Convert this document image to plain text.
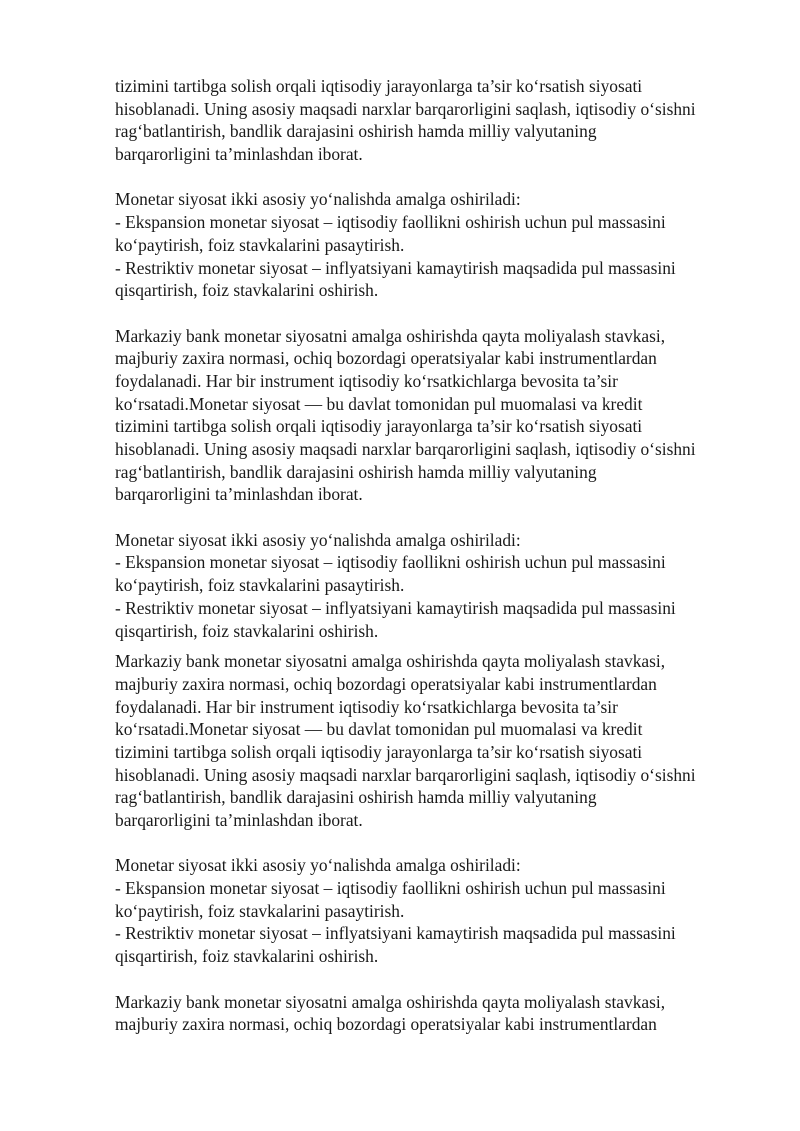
tizimini tartibga solish orqali iqtisodiy jarayonlarga ta’sir ko‘rsatish siyosati
hisoblanadi. Uning asosiy maqsadi narxlar barqarorligini saqlash, iqtisodiy o‘sishni
rag‘batlantirish, bandlik darajasini oshirish hamda milliy valyutaning
barqarorligini ta’minlashdan iborat.
Monetar siyosat ikki asosiy yo‘nalishda amalga oshiriladi:
- Ekspansion monetar siyosat – iqtisodiy faollikni oshirish uchun pul massasini
ko‘paytirish, foiz stavkalarini pasaytirish.
- Restriktiv monetar siyosat – inflyatsiyani kamaytirish maqsadida pul massasini
qisqartirish, foiz stavkalarini oshirish.
Markaziy bank monetar siyosatni amalga oshirishda qayta moliyalash stavkasi,
majburiy zaxira normasi, ochiq bozordagi operatsiyalar kabi instrumentlardan
foydalanadi. Har bir instrument iqtisodiy ko‘rsatkichlarga bevosita ta’sir
ko‘rsatadi.Monetar siyosat — bu davlat tomonidan pul muomalasi va kredit
tizimini tartibga solish orqali iqtisodiy jarayonlarga ta’sir ko‘rsatish siyosati
hisoblanadi. Uning asosiy maqsadi narxlar barqarorligini saqlash, iqtisodiy o‘sishni
rag‘batlantirish, bandlik darajasini oshirish hamda milliy valyutaning
barqarorligini ta’minlashdan iborat.
Monetar siyosat ikki asosiy yo‘nalishda amalga oshiriladi:
- Ekspansion monetar siyosat – iqtisodiy faollikni oshirish uchun pul massasini
ko‘paytirish, foiz stavkalarini pasaytirish.
- Restriktiv monetar siyosat – inflyatsiyani kamaytirish maqsadida pul massasini
qisqartirish, foiz stavkalarini oshirish.
Markaziy bank monetar siyosatni amalga oshirishda qayta moliyalash stavkasi,
majburiy zaxira normasi, ochiq bozordagi operatsiyalar kabi instrumentlardan
foydalanadi. Har bir instrument iqtisodiy ko‘rsatkichlarga bevosita ta’sir
ko‘rsatadi.Monetar siyosat — bu davlat tomonidan pul muomalasi va kredit
tizimini tartibga solish orqali iqtisodiy jarayonlarga ta’sir ko‘rsatish siyosati
hisoblanadi. Uning asosiy maqsadi narxlar barqarorligini saqlash, iqtisodiy o‘sishni
rag‘batlantirish, bandlik darajasini oshirish hamda milliy valyutaning
barqarorligini ta’minlashdan iborat.
Monetar siyosat ikki asosiy yo‘nalishda amalga oshiriladi:
- Ekspansion monetar siyosat – iqtisodiy faollikni oshirish uchun pul massasini
ko‘paytirish, foiz stavkalarini pasaytirish.
- Restriktiv monetar siyosat – inflyatsiyani kamaytirish maqsadida pul massasini
qisqartirish, foiz stavkalarini oshirish.
Markaziy bank monetar siyosatni amalga oshirishda qayta moliyalash stavkasi,
majburiy zaxira normasi, ochiq bozordagi operatsiyalar kabi instrumentlardan
